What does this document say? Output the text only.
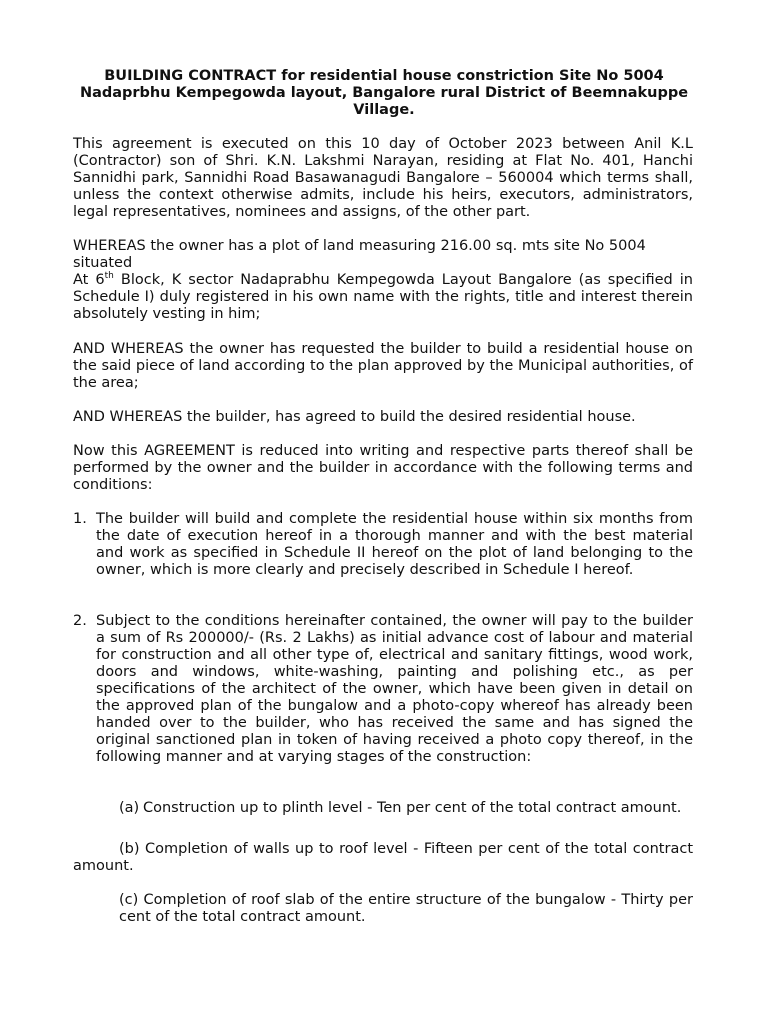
BUILDING CONTRACT for residential house constriction Site No 5004 Nadaprbhu Kempegowda layout, Bangalore rural District of Beemnakuppe Village.

This agreement is executed on this 10 day of October 2023 between Anil K.L (Contractor) son of Shri. K.N. Lakshmi Narayan, residing at Flat No. 401, Hanchi Sannidhi park, Sannidhi Road Basawanagudi Bangalore – 560004 which terms shall, unless the context otherwise admits, include his heirs, executors, administrators, legal representatives, nominees and assigns, of the other part.

WHEREAS the owner has a plot of land measuring 216.00 sq. mts site No 5004 situated
At 6th Block, K sector Nadaprabhu Kempegowda Layout Bangalore (as specified in Schedule I) duly registered in his own name with the rights, title and interest therein absolutely vesting in him;

AND WHEREAS the owner has requested the builder to build a residential house on the said piece of land according to the plan approved by the Municipal authorities, of the area;

AND WHEREAS the builder, has agreed to build the desired residential house.

Now this AGREEMENT is reduced into writing and respective parts thereof shall be performed by the owner and the builder in accordance with the following terms and conditions:

1. The builder will build and complete the residential house within six months from the date of execution hereof in a thorough manner and with the best material and work as specified in Schedule II hereof on the plot of land belonging to the owner, which is more clearly and precisely described in Schedule I hereof.
2. Subject to the conditions hereinafter contained, the owner will pay to the builder a sum of Rs 200000/- (Rs. 2 Lakhs) as initial advance cost of labour and material for construction and all other type of, electrical and sanitary fittings, wood work, doors and windows, white-washing, painting and polishing etc., as per specifications of the architect of the owner, which have been given in detail on the approved plan of the bungalow and a photo-copy whereof has already been handed over to the builder, who has received the same and has signed the original sanctioned plan in token of having received a photo copy thereof, in the following manner and at varying stages of the construction:
(a) Construction up to plinth level - Ten per cent of the total contract amount.
(b) Completion of walls up to roof level - Fifteen per cent of the total contract amount.
(c) Completion of roof slab of the entire structure of the bungalow - Thirty per cent of the total contract amount.
